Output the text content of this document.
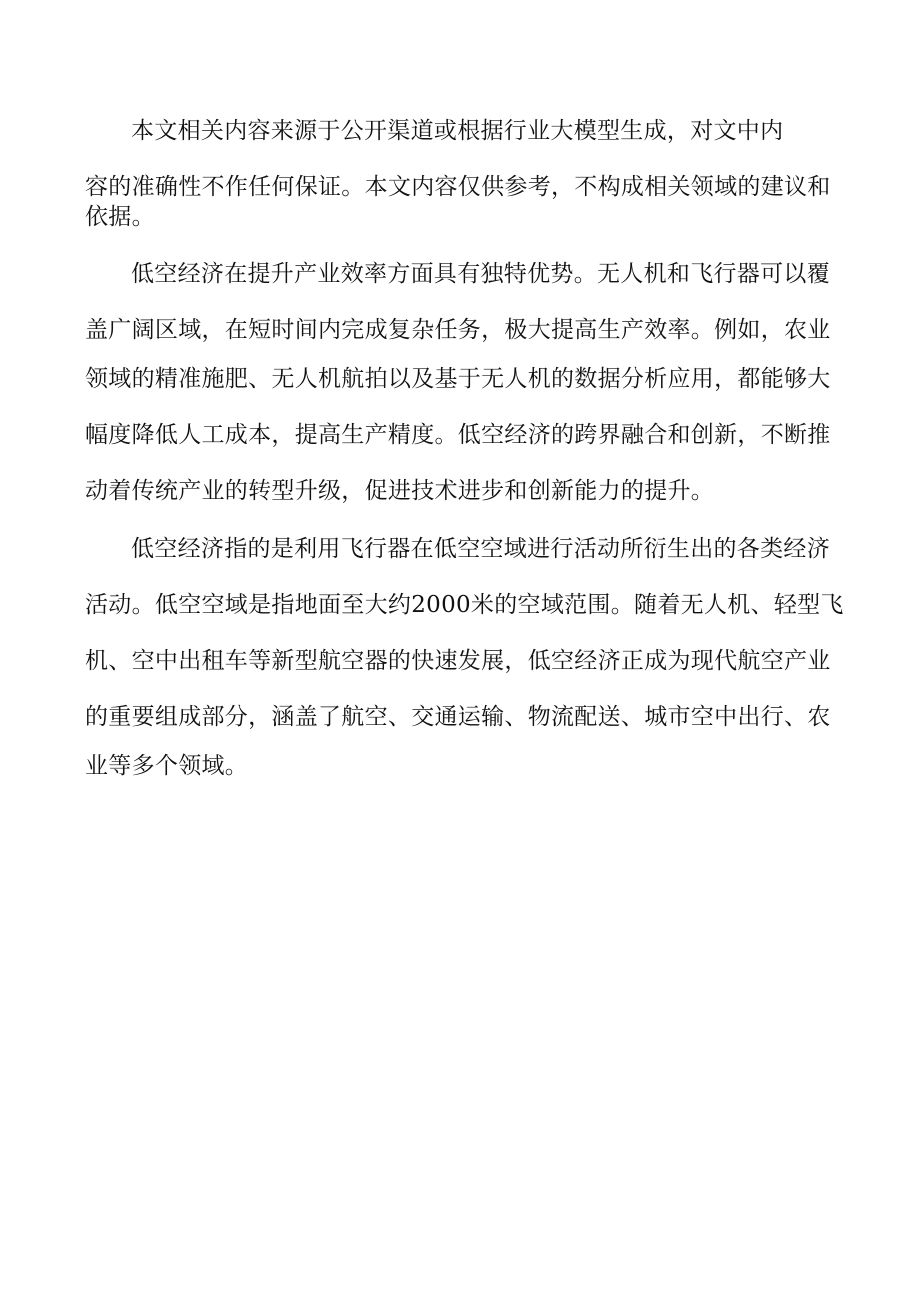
本文相关内容来源于公开渠道或根据行业大模型生成，对文中内
容的准确性不作任何保证。本文内容仅供参考，不构成相关领域的建议和
依据。
低空经济在提升产业效率方面具有独特优势。无人机和飞行器可以覆
盖广阔区域，在短时间内完成复杂任务，极大提高生产效率。例如，农业
领域的精准施肥、无人机航拍以及基于无人机的数据分析应用，都能够大
幅度降低人工成本，提高生产精度。低空经济的跨界融合和创新，不断推
动着传统产业的转型升级，促进技术进步和创新能力的提升。
低空经济指的是利用飞行器在低空空域进行活动所衍生出的各类经济
活动。低空空域是指地面至大约2000米的空域范围。随着无人机、轻型飞
机、空中出租车等新型航空器的快速发展，低空经济正成为现代航空产业
的重要组成部分，涵盖了航空、交通运输、物流配送、城市空中出行、农
业等多个领域。
